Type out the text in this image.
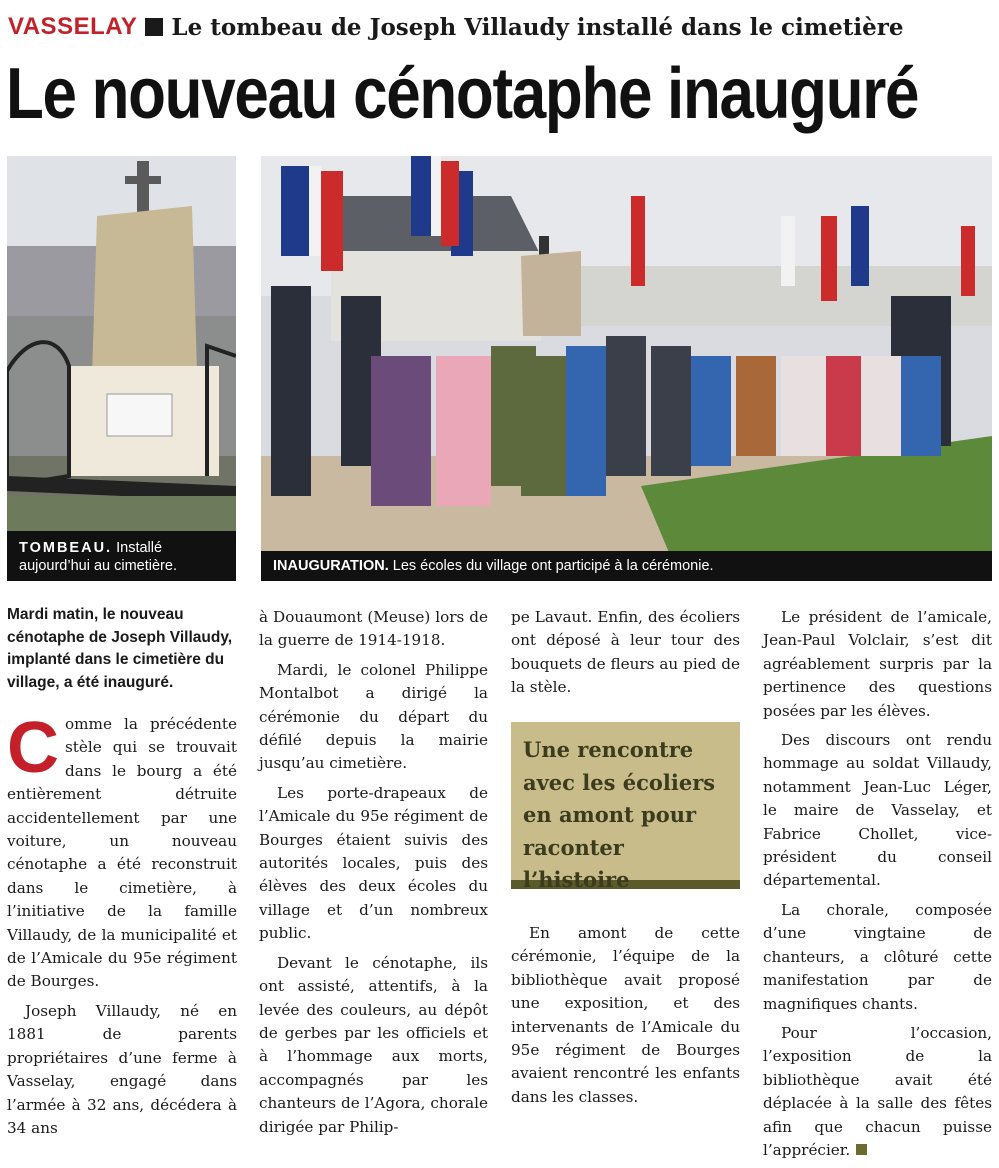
VASSELAY Le tombeau de Joseph Villaudy installé dans le cimetière
Le nouveau cénotaphe inauguré
TOMBEAU. Installé aujourd’hui au cimetière.	INAUGURATION. Les écoles du village ont participé à la cérémonie.
Mardi matin, le nouveau cénotaphe de Joseph Villaudy, implanté dans le cimetière du village, a été inauguré.

Comme la précédente stèle qui se trouvait dans le bourg a été entièrement détruite accidentellement par une voiture, un nouveau cénotaphe a été reconstruit dans le cimetière, à l’initiative de la famille Villaudy, de la municipalité et de l’Amicale du 95e régiment de Bourges.

Joseph Villaudy, né en 1881 de parents propriétaires d’une ferme à Vasselay, engagé dans l’armée à 32 ans, décédera à 34 ans

à Douaumont (Meuse) lors de la guerre de 1914-1918.

Mardi, le colonel Philippe Montalbot a dirigé la cérémonie du départ du défilé depuis la mairie jusqu’au cimetière.

Les porte-drapeaux de l’Amicale du 95e régiment de Bourges étaient suivis des autorités locales, puis des élèves des deux écoles du village et d’un nombreux public.

Devant le cénotaphe, ils ont assisté, attentifs, à la levée des couleurs, au dépôt de gerbes par les officiels et à l’hommage aux morts, accompagnés par les chanteurs de l’Agora, chorale dirigée par Philip-

pe Lavaut. Enfin, des écoliers ont déposé à leur tour des bouquets de fleurs au pied de la stèle.

Une rencontre avec les écoliers en amont pour raconter l’histoire

En amont de cette cérémonie, l’équipe de la bibliothèque avait proposé une exposition, et des intervenants de l’Amicale du 95e régiment de Bourges avaient rencontré les enfants dans les classes.

Le président de l’amicale, Jean-Paul Volclair, s’est dit agréablement surpris par la pertinence des questions posées par les élèves.

Des discours ont rendu hommage au soldat Villaudy, notamment Jean-Luc Léger, le maire de Vasselay, et Fabrice Chollet, vice-président du conseil départemental.

La chorale, composée d’une vingtaine de chanteurs, a clôturé cette manifestation par de magnifiques chants.

Pour l’occasion, l’exposition de la bibliothèque avait été déplacée à la salle des fêtes afin que chacun puisse l’apprécier.
